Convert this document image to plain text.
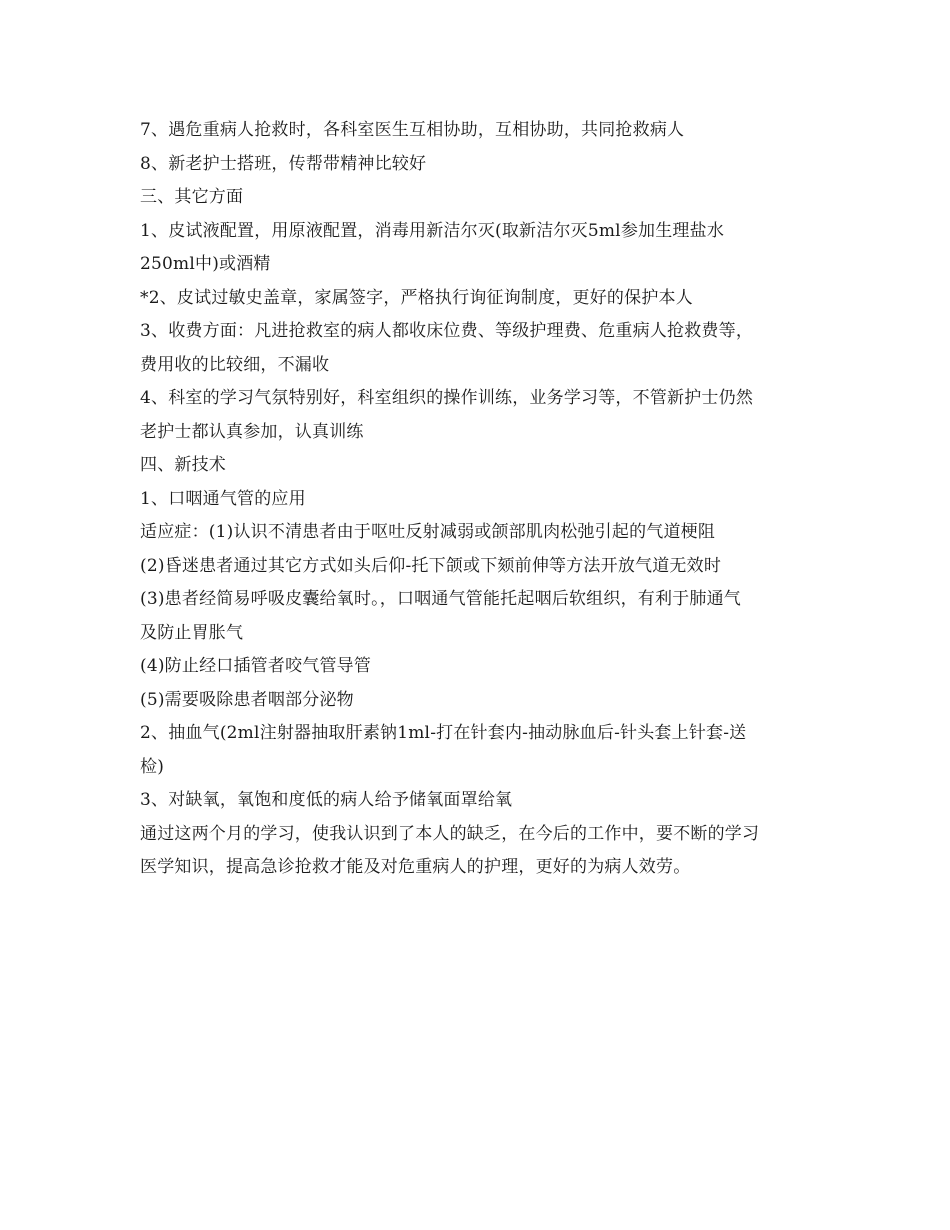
7、遇危重病人抢救时，各科室医生互相协助，互相协助，共同抢救病人
8、新老护士搭班，传帮带精神比较好
三、其它方面
1、皮试液配置，用原液配置，消毒用新洁尔灭(取新洁尔灭5ml参加生理盐水
250ml中)或酒精
*2、皮试过敏史盖章，家属签字，严格执行询征询制度，更好的保护本人
3、收费方面：凡进抢救室的病人都收床位费、等级护理费、危重病人抢救费等，
费用收的比较细，不漏收
4、科室的学习气氛特别好，科室组织的操作训练，业务学习等，不管新护士仍然
老护士都认真参加，认真训练
四、新技术
1、口咽通气管的应用
适应症：(1)认识不清患者由于呕吐反射减弱或颌部肌肉松弛引起的气道梗阻
(2)昏迷患者通过其它方式如头后仰-托下颌或下颏前伸等方法开放气道无效时
(3)患者经简易呼吸皮囊给氧时。，口咽通气管能托起咽后软组织，有利于肺通气
及防止胃胀气
(4)防止经口插管者咬气管导管
(5)需要吸除患者咽部分泌物
2、抽血气(2ml注射器抽取肝素钠1ml-打在针套内-抽动脉血后-针头套上针套-送
检)
3、对缺氧，氧饱和度低的病人给予储氧面罩给氧
通过这两个月的学习，使我认识到了本人的缺乏，在今后的工作中，要不断的学习
医学知识，提高急诊抢救才能及对危重病人的护理，更好的为病人效劳。
